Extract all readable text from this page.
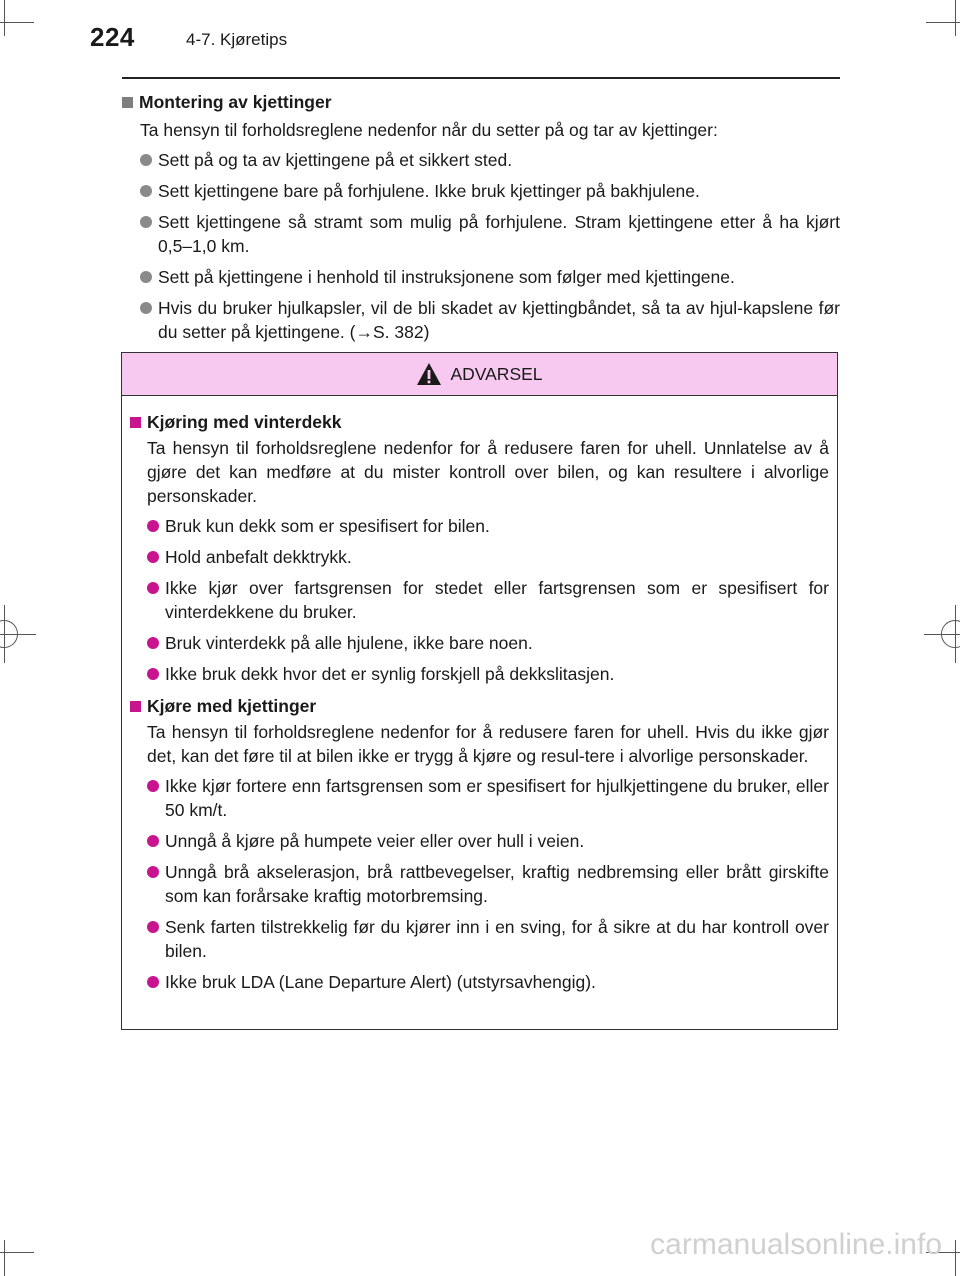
224	4-7. Kjøretips
Montering av kjettinger
Ta hensyn til forholdsreglene nedenfor når du setter på og tar av kjettinger:
Sett på og ta av kjettingene på et sikkert sted.
Sett kjettingene bare på forhjulene. Ikke bruk kjettinger på bakhjulene.
Sett kjettingene så stramt som mulig på forhjulene. Stram kjettingene etter å ha kjørt 0,5–1,0 km.
Sett på kjettingene i henhold til instruksjonene som følger med kjettingene.
Hvis du bruker hjulkapsler, vil de bli skadet av kjettingbåndet, så ta av hjul-kapslene før du setter på kjettingene. (→S. 382)
ADVARSEL
Kjøring med vinterdekk
Ta hensyn til forholdsreglene nedenfor for å redusere faren for uhell. Unnlatelse av å gjøre det kan medføre at du mister kontroll over bilen, og kan resultere i alvorlige personskader.
Bruk kun dekk som er spesifisert for bilen.
Hold anbefalt dekktrykk.
Ikke kjør over fartsgrensen for stedet eller fartsgrensen som er spesifisert for vinterdekkene du bruker.
Bruk vinterdekk på alle hjulene, ikke bare noen.
Ikke bruk dekk hvor det er synlig forskjell på dekkslitasjen.
Kjøre med kjettinger
Ta hensyn til forholdsreglene nedenfor for å redusere faren for uhell. Hvis du ikke gjør det, kan det føre til at bilen ikke er trygg å kjøre og resul-tere i alvorlige personskader.
Ikke kjør fortere enn fartsgrensen som er spesifisert for hjulkjettingene du bruker, eller 50 km/t.
Unngå å kjøre på humpete veier eller over hull i veien.
Unngå brå akselerasjon, brå rattbevegelser, kraftig nedbremsing eller brått girskifte som kan forårsake kraftig motorbremsing.
Senk farten tilstrekkelig før du kjører inn i en sving, for å sikre at du har kontroll over bilen.
Ikke bruk LDA (Lane Departure Alert) (utstyrsavhengig).
carmanualsonline.info
